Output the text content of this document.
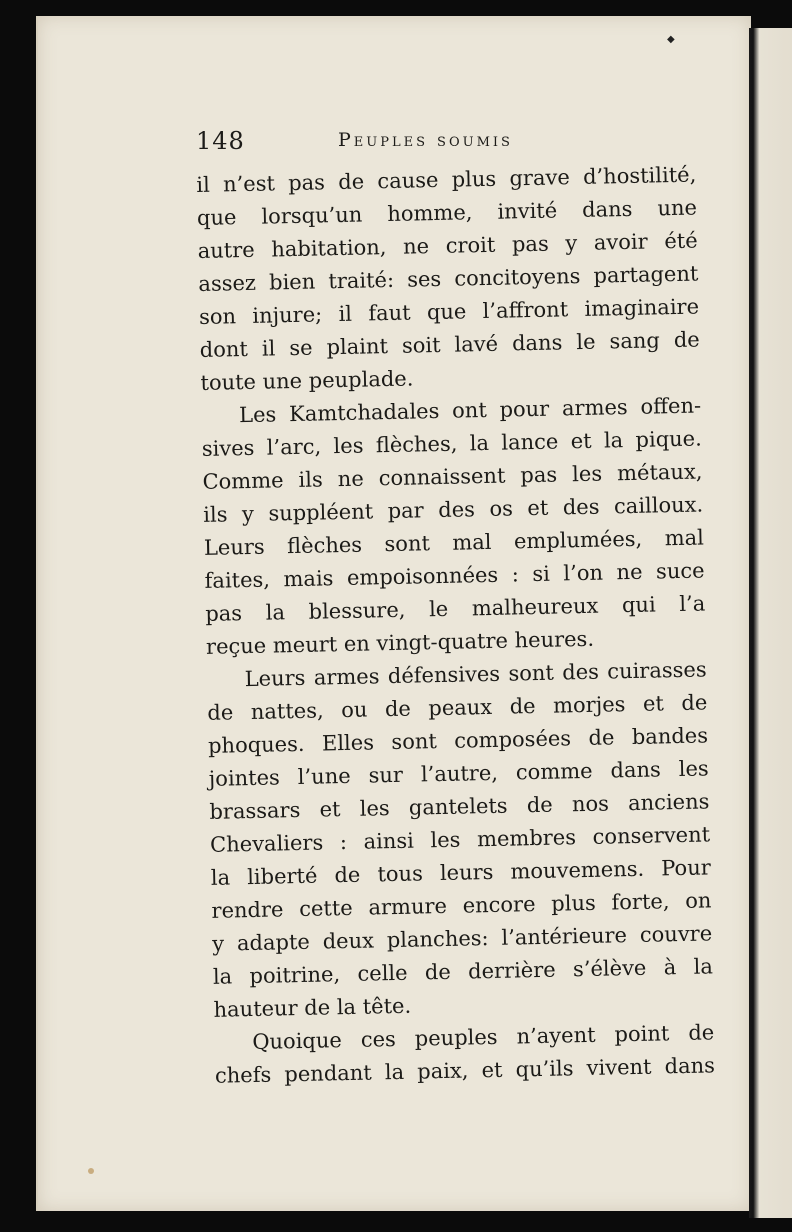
◆
148	Peuples soumis
il n’est pas de cause plus grave d’hostilité,
que lorsqu’un homme, invité dans une
autre habitation, ne croit pas y avoir été
assez bien traité: ses concitoyens partagent
son injure; il faut que l’affront imaginaire
dont il se plaint soit lavé dans le sang de
toute une peuplade.
Les Kamtchadales ont pour armes offen-
sives l’arc, les flèches, la lance et la pique.
Comme ils ne connaissent pas les métaux,
ils y suppléent par des os et des cailloux.
Leurs flèches sont mal emplumées, mal
faites, mais empoisonnées : si l’on ne suce
pas la blessure, le malheureux qui l’a
reçue meurt en vingt-quatre heures.
Leurs armes défensives sont des cuirasses
de nattes, ou de peaux de morjes et de
phoques. Elles sont composées de bandes
jointes l’une sur l’autre, comme dans les
brassars et les gantelets de nos anciens
Chevaliers : ainsi les membres conservent
la liberté de tous leurs mouvemens. Pour
rendre cette armure encore plus forte, on
y adapte deux planches: l’antérieure couvre
la poitrine, celle de derrière s’élève à la
hauteur de la tête.
Quoique ces peuples n’ayent point de
chefs pendant la paix, et qu’ils vivent dans
